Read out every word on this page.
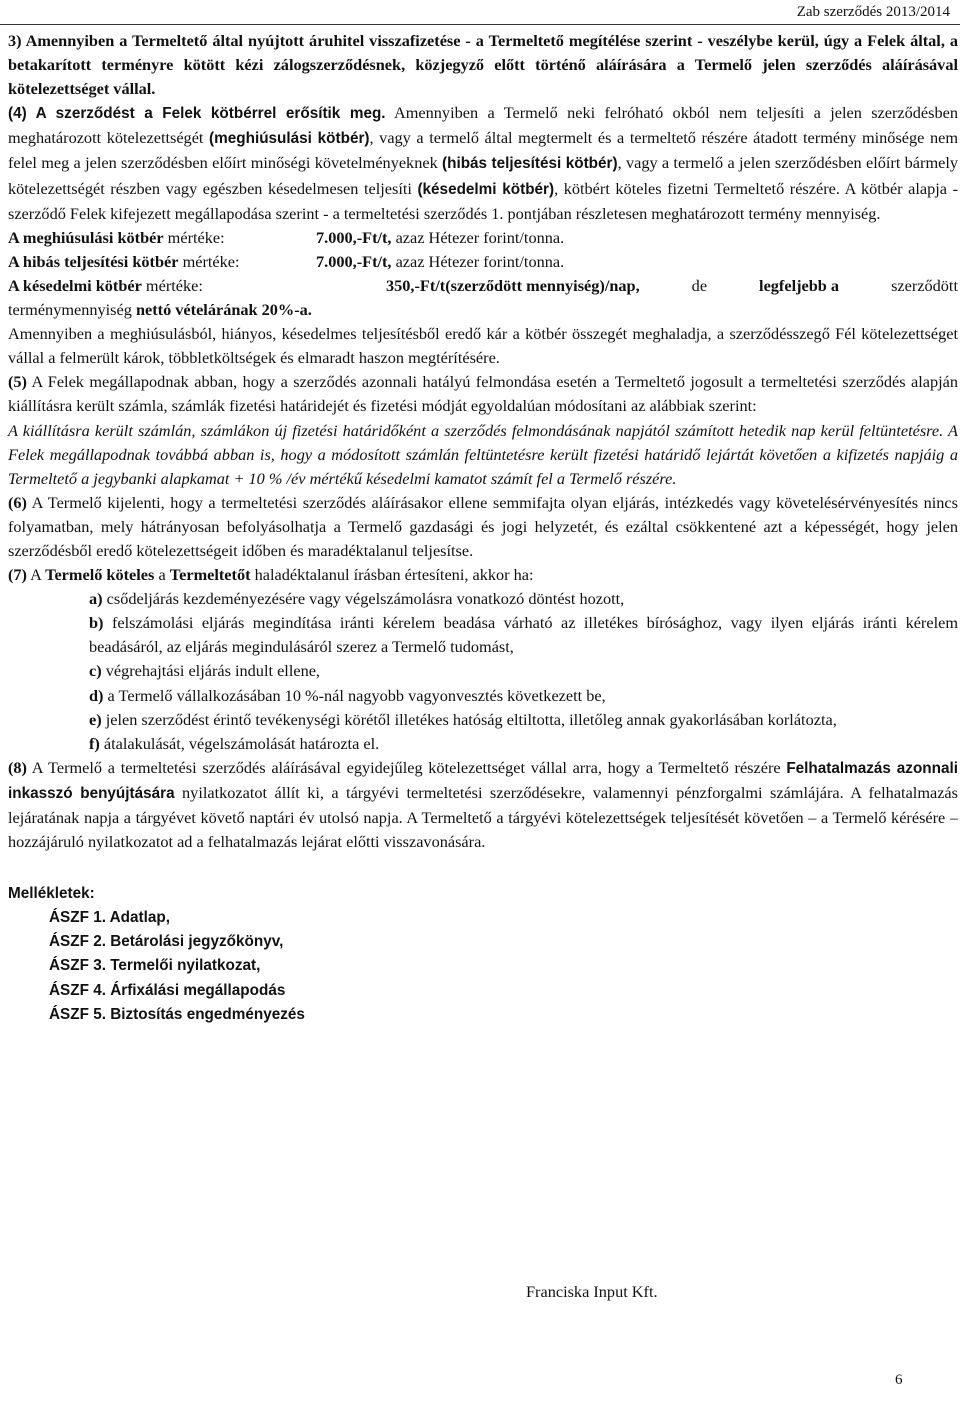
Zab szerződés 2013/2014

3) Amennyiben a Termeltető által nyújtott áruhitel visszafizetése - a Termeltető megítélése szerint - veszélybe kerül, úgy a Felek által, a betakarított terményre kötött kézi zálogszerződésnek, közjegyző előtt történő aláírására a Termelő jelen szerződés aláírásával kötelezettséget vállal.

(4) A szerződést a Felek kötbérrel erősítik meg. Amennyiben a Termelő neki felróható okból nem teljesíti a jelen szerződésben meghatározott kötelezettségét (meghiúsulási kötbér), vagy a termelő által megtermelt és a termeltető részére átadott termény minősége nem felel meg a jelen szerződésben előírt minőségi követelményeknek (hibás teljesítési kötbér), vagy a termelő a jelen szerződésben előírt bármely kötelezettségét részben vagy egészben késedelmesen teljesíti (késedelmi kötbér), kötbért köteles fizetni Termeltető részére. A kötbér alapja - szerződő Felek kifejezett megállapodása szerint - a termeltetési szerződés 1. pontjában részletesen meghatározott termény mennyiség.

A meghiúsulási kötbér mértéke:	7.000,-Ft/t, azaz Hétezer forint/tonna.
A hibás teljesítési kötbér mértéke:	7.000,-Ft/t, azaz Hétezer forint/tonna.
A késedelmi kötbér mértéke:	350,-Ft/t(szerződött mennyiség)/nap,	de	legfeljebb a	szerződött
terménymennyiség nettó vételárának 20%-a.

Amennyiben a meghiúsulásból, hiányos, késedelmes teljesítésből eredő kár a kötbér összegét meghaladja, a szerződésszegő Fél kötelezettséget vállal a felmerült károk, többletköltségek és elmaradt haszon megtérítésére.

(5) A Felek megállapodnak abban, hogy a szerződés azonnali hatályú felmondása esetén a Termeltető jogosult a termeltetési szerződés alapján kiállításra került számla, számlák fizetési határidejét és fizetési módját egyoldalúan módosítani az alábbiak szerint:

A kiállításra került számlán, számlákon új fizetési határidőként a szerződés felmondásának napjától számított hetedik nap kerül feltüntetésre. A Felek megállapodnak továbbá abban is, hogy a módosított számlán feltüntetésre került fizetési határidő lejártát követően a kifizetés napjáig a Termeltető a jegybanki alapkamat + 10 % /év mértékű késedelmi kamatot számít fel a Termelő részére.

(6) A Termelő kijelenti, hogy a termeltetési szerződés aláírásakor ellene semmifajta olyan eljárás, intézkedés vagy követelésérvényesítés nincs folyamatban, mely hátrányosan befolyásolhatja a Termelő gazdasági és jogi helyzetét, és ezáltal csökkentené azt a képességét, hogy jelen szerződésből eredő kötelezettségeit időben és maradéktalanul teljesítse.

(7) A Termelő köteles a Termeltetőt haladéktalanul írásban értesíteni, akkor ha:

a) csődeljárás kezdeményezésére vagy végelszámolásra vonatkozó döntést hozott,
b) felszámolási eljárás megindítása iránti kérelem beadása várható az illetékes bírósághoz, vagy ilyen eljárás iránti kérelem beadásáról, az eljárás megindulásáról szerez a Termelő tudomást,
c) végrehajtási eljárás indult ellene,
d) a Termelő vállalkozásában 10 %-nál nagyobb vagyonvesztés következett be,
e) jelen szerződést érintő tevékenységi körétől illetékes hatóság eltiltotta, illetőleg annak gyakorlásában korlátozta,
f) átalakulását, végelszámolását határozta el.

(8) A Termelő a termeltetési szerződés aláírásával egyidejűleg kötelezettséget vállal arra, hogy a Termeltető részére Felhatalmazás azonnali inkasszó benyújtására nyilatkozatot állít ki, a tárgyévi termeltetési szerződésekre, valamennyi pénzforgalmi számlájára. A felhatalmazás lejáratának napja a tárgyévet követő naptári év utolsó napja. A Termeltető a tárgyévi kötelezettségek teljesítését követően – a Termelő kérésére – hozzájáruló nyilatkozatot ad a felhatalmazás lejárat előtti visszavonására.

Mellékletek:
ÁSZF 1. Adatlap,
ÁSZF 2. Betárolási jegyzőkönyv,
ÁSZF 3. Termelői nyilatkozat,
ÁSZF 4. Árfixálási megállapodás
ÁSZF 5. Biztosítás engedményezés
Franciska Input Kft.
6
